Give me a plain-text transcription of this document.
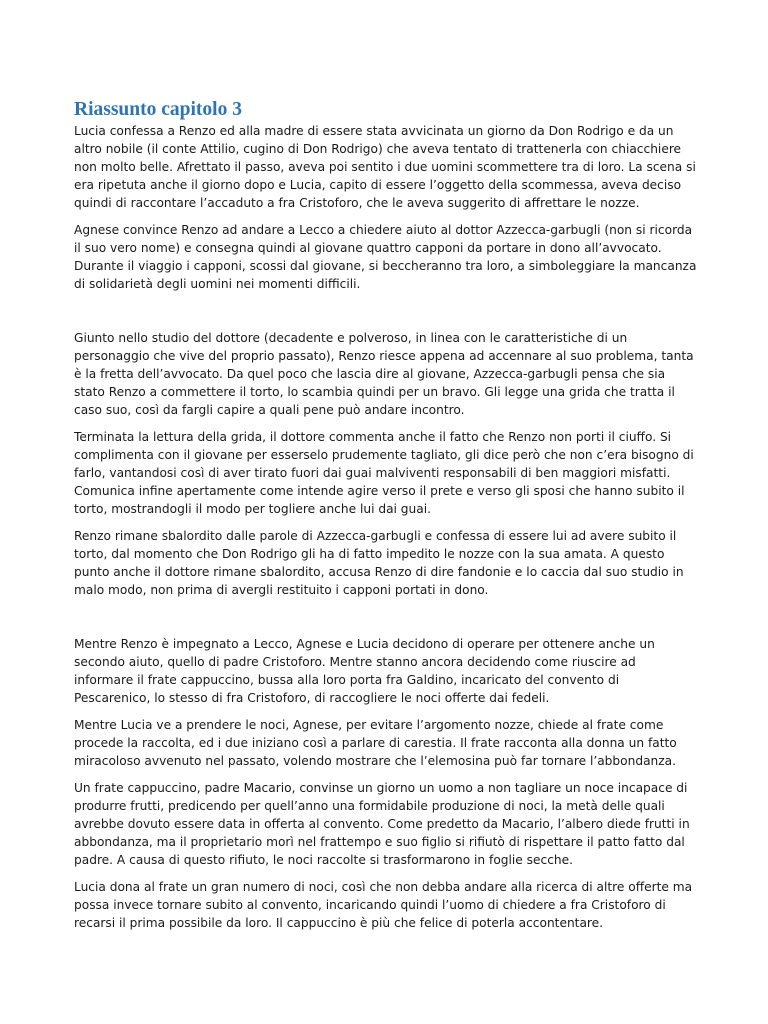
Riassunto capitolo 3

Lucia confessa a Renzo ed alla madre di essere stata avvicinata un giorno da Don Rodrigo e da un altro nobile (il conte Attilio, cugino di Don Rodrigo) che aveva tentato di trattenerla con chiacchiere non molto belle. Afrettato il passo, aveva poi sentito i due uomini scommettere tra di loro. La scena si era ripetuta anche il giorno dopo e Lucia, capito di essere l’oggetto della scommessa, aveva deciso quindi di raccontare l’accaduto a fra Cristoforo, che le aveva suggerito di affrettare le nozze.

Agnese convince Renzo ad andare a Lecco a chiedere aiuto al dottor Azzecca-garbugli (non si ricorda il suo vero nome) e consegna quindi al giovane quattro capponi da portare in dono all’avvocato. Durante il viaggio i capponi, scossi dal giovane, si beccheranno tra loro, a simboleggiare la mancanza di solidarietà degli uomini nei momenti difficili.

Giunto nello studio del dottore (decadente e polveroso, in linea con le caratteristiche di un personaggio che vive del proprio passato), Renzo riesce appena ad accennare al suo problema, tanta è la fretta dell’avvocato. Da quel poco che lascia dire al giovane, Azzecca-garbugli pensa che sia stato Renzo a commettere il torto, lo scambia quindi per un bravo. Gli legge una grida che tratta il caso suo, così da fargli capire a quali pene può andare incontro.

Terminata la lettura della grida, il dottore commenta anche il fatto che Renzo non porti il ciuffo. Si complimenta con il giovane per esserselo prudemente tagliato, gli dice però che non c’era bisogno di farlo, vantandosi così di aver tirato fuori dai guai malviventi responsabili di ben maggiori misfatti. Comunica infine apertamente come intende agire verso il prete e verso gli sposi che hanno subito il torto, mostrandogli il modo per togliere anche lui dai guai.

Renzo rimane sbalordito dalle parole di Azzecca-garbugli e confessa di essere lui ad avere subito il torto, dal momento che Don Rodrigo gli ha di fatto impedito le nozze con la sua amata. A questo punto anche il dottore rimane sbalordito, accusa Renzo di dire fandonie e lo caccia dal suo studio in malo modo, non prima di avergli restituito i capponi portati in dono.

Mentre Renzo è impegnato a Lecco, Agnese e Lucia decidono di operare per ottenere anche un secondo aiuto, quello di padre Cristoforo. Mentre stanno ancora decidendo come riuscire ad informare il frate cappuccino, bussa alla loro porta fra Galdino, incaricato del convento di Pescarenico, lo stesso di fra Cristoforo, di raccogliere le noci offerte dai fedeli.

Mentre Lucia ve a prendere le noci, Agnese, per evitare l’argomento nozze, chiede al frate come procede la raccolta, ed i due iniziano così a parlare di carestia. Il frate racconta alla donna un fatto miracoloso avvenuto nel passato, volendo mostrare che l’elemosina può far tornare l’abbondanza.

Un frate cappuccino, padre Macario, convinse un giorno un uomo a non tagliare un noce incapace di produrre frutti, predicendo per quell’anno una formidabile produzione di noci, la metà delle quali avrebbe dovuto essere data in offerta al convento. Come predetto da Macario, l’albero diede frutti in abbondanza, ma il proprietario morì nel frattempo e suo figlio si rifiutò di rispettare il patto fatto dal padre. A causa di questo rifiuto, le noci raccolte si trasformarono in foglie secche.

Lucia dona al frate un gran numero di noci, così che non debba andare alla ricerca di altre offerte ma possa invece tornare subito al convento, incaricando quindi l’uomo di chiedere a fra Cristoforo di recarsi il prima possibile da loro. Il cappuccino è più che felice di poterla accontentare.
